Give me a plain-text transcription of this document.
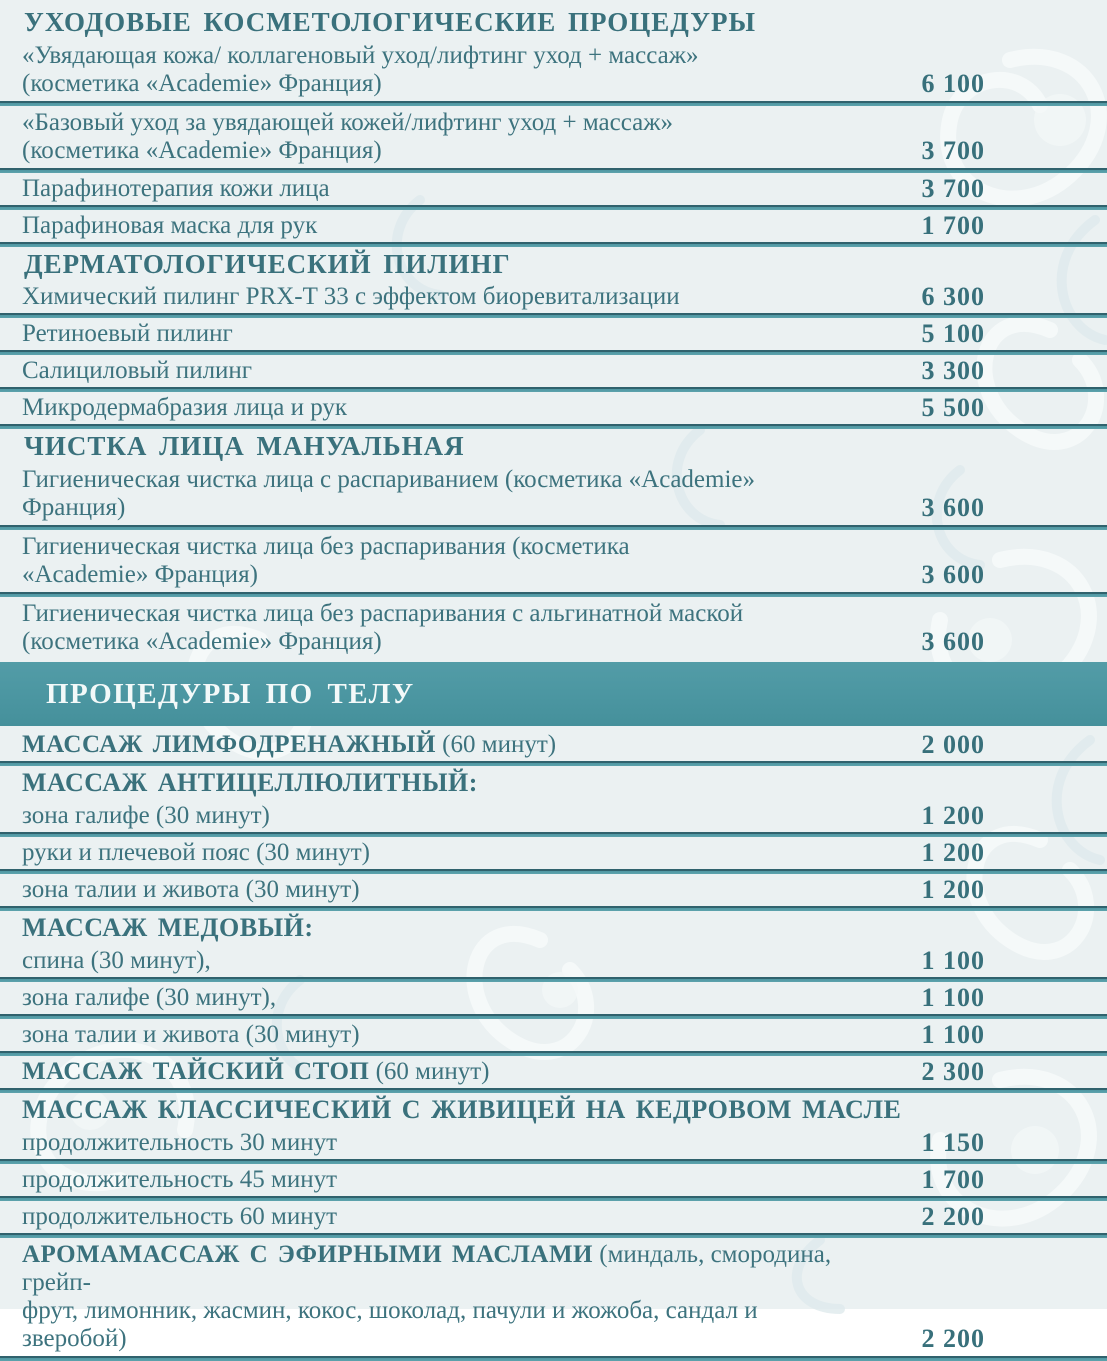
УХОДОВЫЕ КОСМЕТОЛОГИЧЕСКИЕ ПРОЦЕДУРЫ
«Увядающая кожа/ коллагеновый уход/лифтинг уход + массаж»
(косметика «Academie» Франция)	6 100
«Базовый уход за увядающей кожей/лифтинг уход + массаж»
(косметика «Academie» Франция)	3 700
Парафинотерапия кожи лица	3 700
Парафиновая маска для рук	1 700
ДЕРМАТОЛОГИЧЕСКИЙ ПИЛИНГ
Химический пилинг PRX-T 33 с эффектом биоревитализации	6 300
Ретиноевый пилинг	5 100
Салициловый пилинг	3 300
Микродермабразия лица и рук	5 500
ЧИСТКА ЛИЦА МАНУАЛЬНАЯ
Гигиеническая чистка лица с распариванием (косметика «Academie»
Франция)	3 600
Гигиеническая чистка лица без распаривания (косметика
«Academie» Франция)	3 600
Гигиеническая чистка лица без распаривания с альгинатной маской
(косметика «Academie» Франция)	3 600
ПРОЦЕДУРЫ ПО ТЕЛУ
МАССАЖ ЛИМФОДРЕНАЖНЫЙ (60 минут)	2 000
МАССАЖ АНТИЦЕЛЛЮЛИТНЫЙ:
зона галифе (30 минут)	1 200
руки и плечевой пояс (30 минут)	1 200
зона талии и живота (30 минут)	1 200
МАССАЖ МЕДОВЫЙ:
спина (30 минут),	1 100
зона галифе (30 минут),	1 100
зона талии и живота (30 минут)	1 100
МАССАЖ ТАЙСКИЙ СТОП (60 минут)	2 300
МАССАЖ КЛАССИЧЕСКИЙ С ЖИВИЦЕЙ НА КЕДРОВОМ МАСЛЕ
продолжительность 30 минут	1 150
продолжительность 45 минут	1 700
продолжительность 60 минут	2 200
АРОМАМАССАЖ С ЭФИРНЫМИ МАСЛАМИ (миндаль, смородина, грейп-
фрут, лимонник, жасмин, кокос, шоколад, пачули и жожоба, сандал и зверобой)	2 200
